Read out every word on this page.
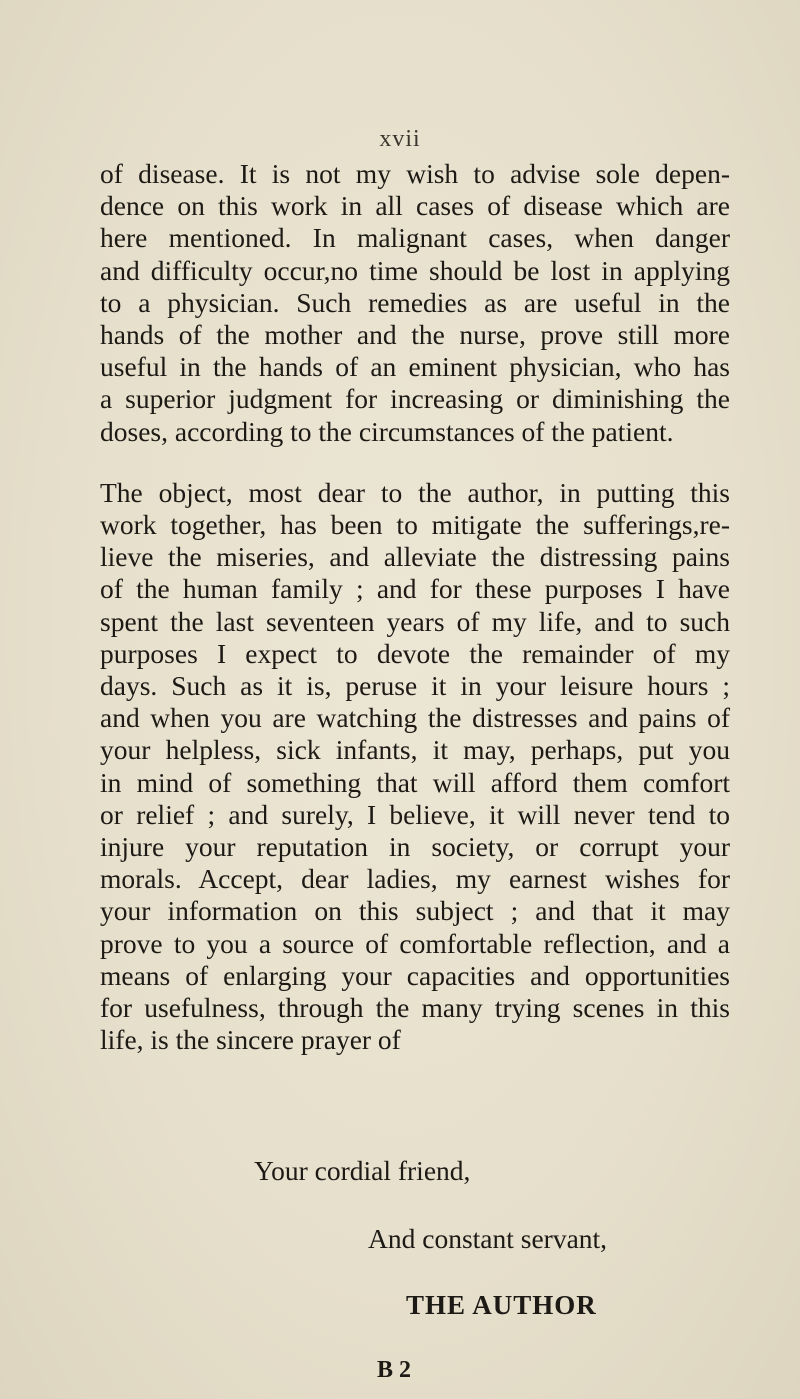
xvii

of disease. It is not my wish to advise sole depen-
dence on this work in all cases of disease which are
here mentioned. In malignant cases, when danger
and difficulty occur,no time should be lost in applying
to a physician. Such remedies as are useful in the
hands of the mother and the nurse, prove still more
useful in the hands of an eminent physician, who has
a superior judgment for increasing or diminishing the
doses, according to the circumstances of the patient.

The object, most dear to the author, in putting this
work together, has been to mitigate the sufferings,re-
lieve the miseries, and alleviate the distressing pains
of the human family ; and for these purposes I have
spent the last seventeen years of my life, and to such
purposes I expect to devote the remainder of my
days. Such as it is, peruse it in your leisure hours ;
and when you are watching the distresses and pains of
your helpless, sick infants, it may, perhaps, put you
in mind of something that will afford them comfort
or relief ; and surely, I believe, it will never tend to
injure your reputation in society, or corrupt your
morals. Accept, dear ladies, my earnest wishes for
your information on this subject ; and that it may
prove to you a source of comfortable reflection, and a
means of enlarging your capacities and opportunities
for usefulness, through the many trying scenes in this
life, is the sincere prayer of

Your cordial friend,
And constant servant,
THE AUTHOR
B 2
